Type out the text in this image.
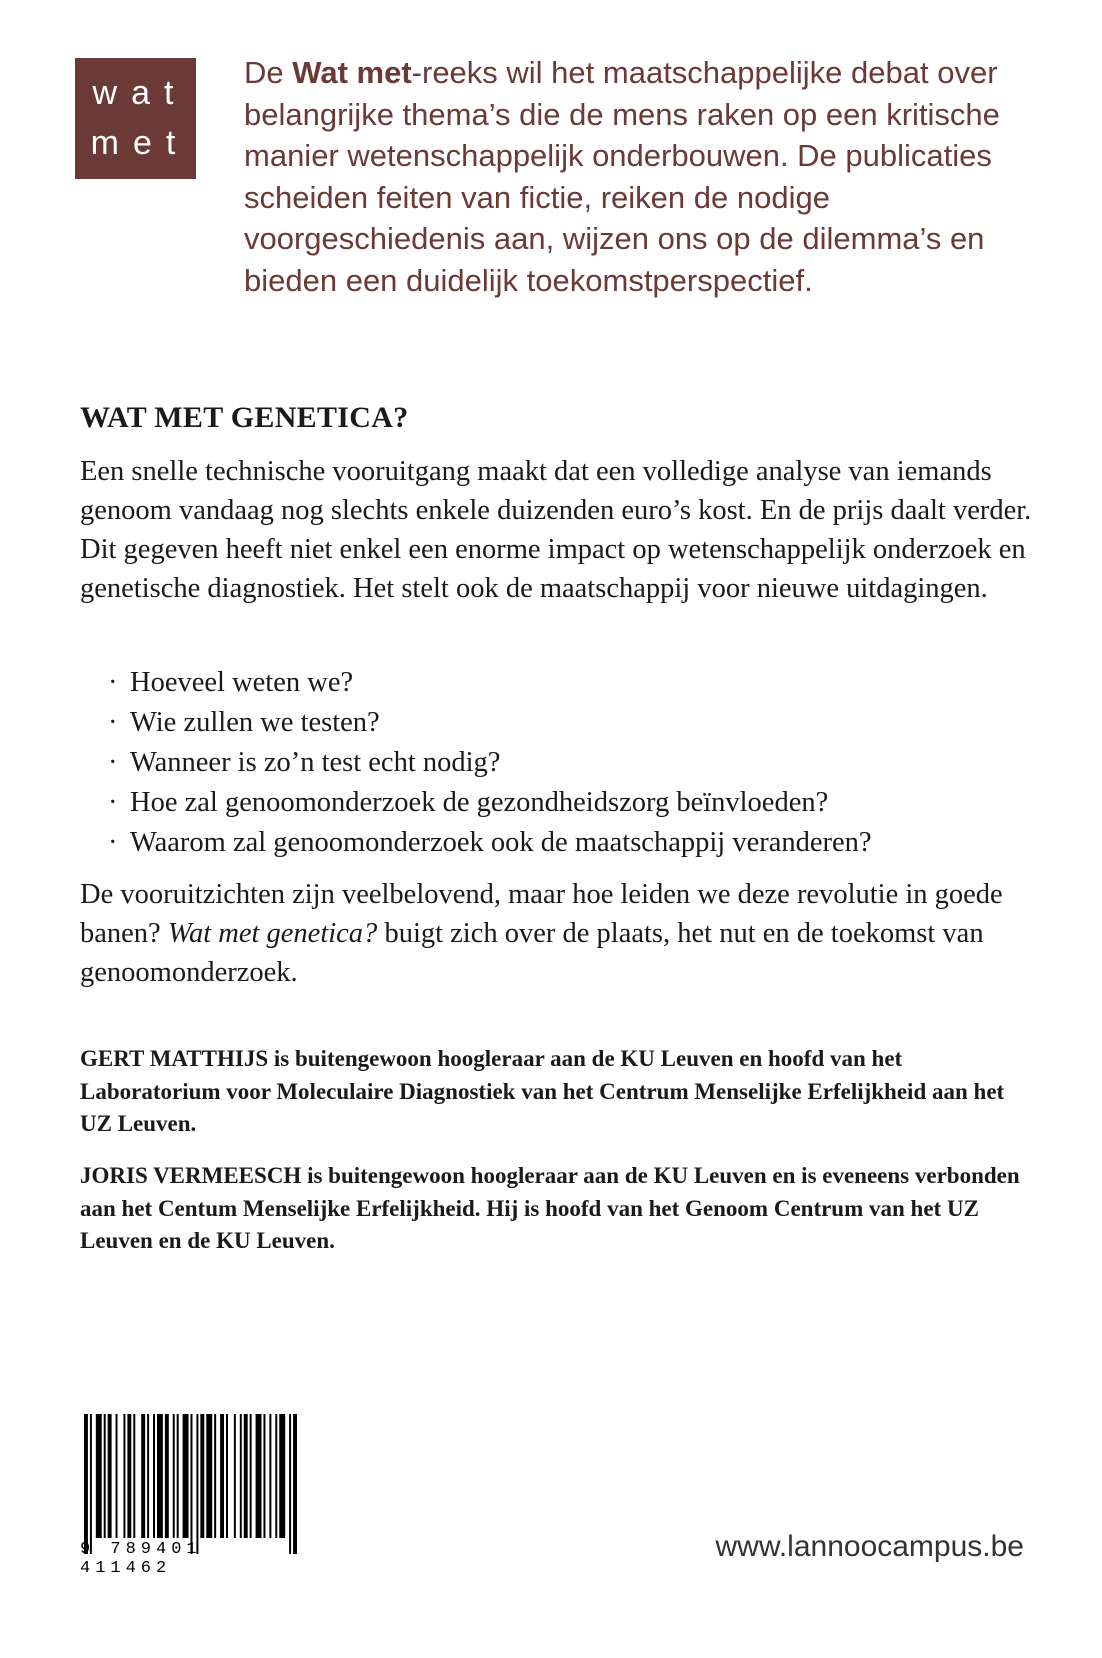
wat
met
De Wat met-reeks wil het maatschappelijke debat over belangrijke thema’s die de mens raken op een kritische manier wetenschappelijk onderbouwen. De publicaties scheiden feiten van fictie, reiken de nodige voorgeschiedenis aan, wijzen ons op de dilemma’s en bieden een duidelijk toekomstperspectief.
WAT MET GENETICA?
Een snelle technische vooruitgang maakt dat een volledige analyse van iemands genoom vandaag nog slechts enkele duizenden euro’s kost. En de prijs daalt verder. Dit gegeven heeft niet enkel een enorme impact op wetenschappelijk onderzoek en genetische diagnostiek. Het stelt ook de maatschappij voor nieuwe uitdagingen.
· Hoeveel weten we?
· Wie zullen we testen?
· Wanneer is zo’n test echt nodig?
· Hoe zal genoomonderzoek de gezondheidszorg beïnvloeden?
· Waarom zal genoomonderzoek ook de maatschappij veranderen?
De vooruitzichten zijn veelbelovend, maar hoe leiden we deze revolutie in goede banen? Wat met genetica? buigt zich over de plaats, het nut en de toekomst van genoomonderzoek.
GERT MATTHIJS is buitengewoon hoogleraar aan de KU Leuven en hoofd van het Laboratorium voor Moleculaire Diagnostiek van het Centrum Menselijke Erfelijkheid aan het UZ Leuven.
JORIS VERMEESCH is buitengewoon hoogleraar aan de KU Leuven en is eveneens verbonden aan het Centum Menselijke Erfelijkheid. Hij is hoofd van het Genoom Centrum van het UZ Leuven en de KU Leuven.
9 789401 411462
www.lannoocampus.be
